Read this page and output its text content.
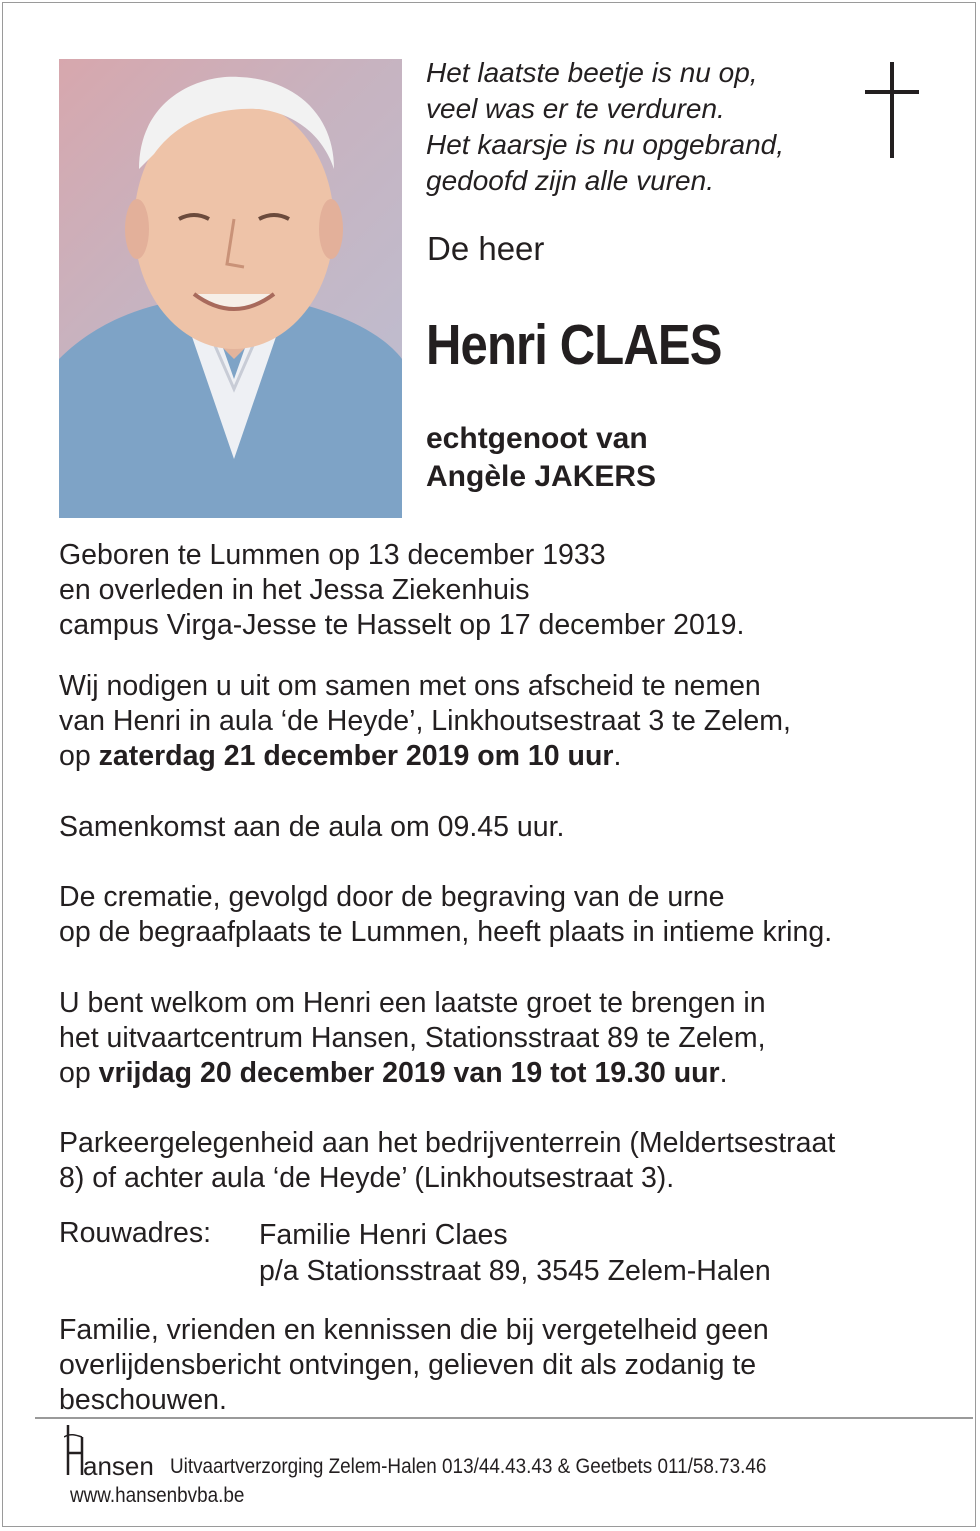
Het laatste beetje is nu op,
veel was er te verduren.
Het kaarsje is nu opgebrand,
gedoofd zijn alle vuren.
De heer
Henri CLAES
echtgenoot van
Angèle JAKERS
Geboren te Lummen op 13 december 1933
en overleden in het Jessa Ziekenhuis
campus Virga-Jesse te Hasselt op 17 december 2019.
Wij nodigen u uit om samen met ons afscheid te nemen
van Henri in aula ‘de Heyde’, Linkhoutsestraat 3 te Zelem,
op zaterdag 21 december 2019 om 10 uur.
Samenkomst aan de aula om 09.45 uur.
De crematie, gevolgd door de begraving van de urne
op de begraafplaats te Lummen, heeft plaats in intieme kring.
U bent welkom om Henri een laatste groet te brengen in
het uitvaartcentrum Hansen, Stationsstraat 89 te Zelem,
op vrijdag 20 december 2019 van 19 tot 19.30 uur.
Parkeergelegenheid aan het bedrijventerrein (Meldertsestraat
8) of achter aula ‘de Heyde’ (Linkhoutsestraat 3).
Rouwadres: Familie Henri Claes
p/a Stationsstraat 89, 3545 Zelem-Halen
Familie, vrienden en kennissen die bij vergetelheid geen
overlijdensbericht ontvingen, gelieven dit als zodanig te
beschouwen.
ansen Uitvaartverzorging Zelem-Halen 013/44.43.43 & Geetbets 011/58.73.46
www.hansenbvba.be
